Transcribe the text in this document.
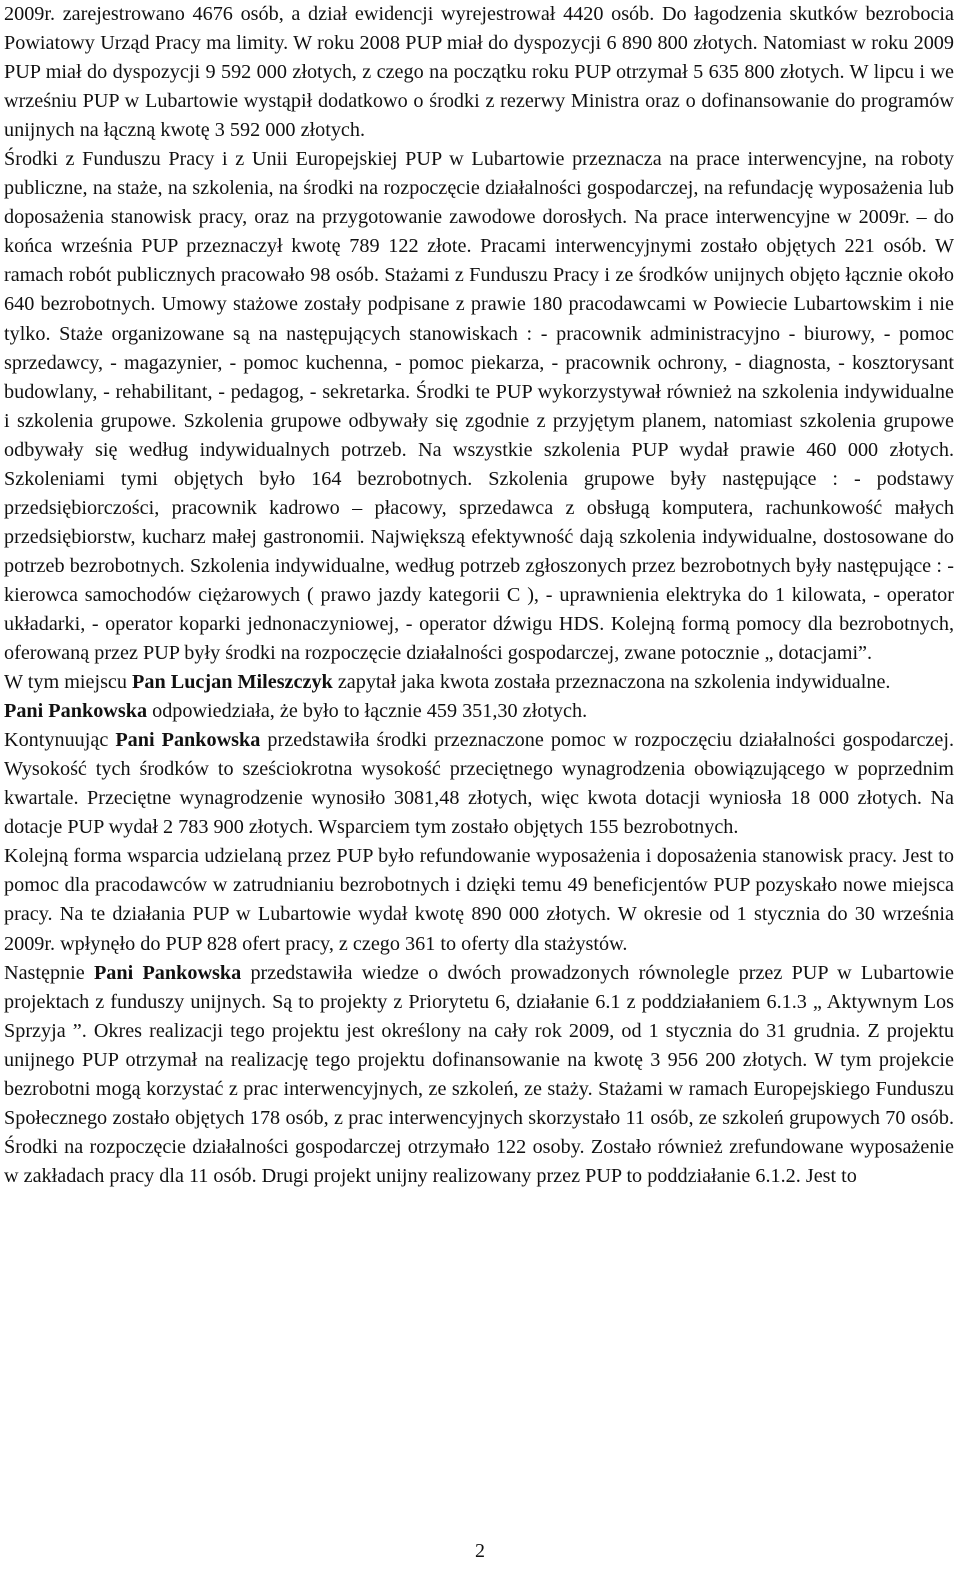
2009r. zarejestrowano 4676 osób, a dział ewidencji wyrejestrował 4420 osób. Do łagodzenia skutków bezrobocia Powiatowy Urząd Pracy ma limity. W roku 2008 PUP miał do dyspozycji 6 890 800 złotych. Natomiast w roku 2009 PUP miał do dyspozycji 9 592 000 złotych, z czego na początku roku PUP otrzymał 5 635 800 złotych. W lipcu i we wrześniu PUP w Lubartowie wystąpił dodatkowo o środki z rezerwy Ministra oraz o dofinansowanie do programów unijnych na łączną kwotę 3 592 000 złotych.

Środki z Funduszu Pracy i z Unii Europejskiej PUP w Lubartowie przeznacza na prace interwencyjne, na roboty publiczne, na staże, na szkolenia, na środki na rozpoczęcie działalności gospodarczej, na refundację wyposażenia lub doposażenia stanowisk pracy, oraz na przygotowanie zawodowe dorosłych. Na prace interwencyjne w 2009r. – do końca września PUP przeznaczył kwotę 789 122 złote. Pracami interwencyjnymi zostało objętych 221 osób. W ramach robót publicznych pracowało 98 osób. Stażami z Funduszu Pracy i ze środków unijnych objęto łącznie około 640 bezrobotnych. Umowy stażowe zostały podpisane z prawie 180 pracodawcami w Powiecie Lubartowskim i nie tylko. Staże organizowane są na następujących stanowiskach : - pracownik administracyjno - biurowy, - pomoc sprzedawcy, - magazynier, - pomoc kuchenna, - pomoc piekarza, - pracownik ochrony, - diagnosta, - kosztorysant budowlany, - rehabilitant, - pedagog, - sekretarka. Środki te PUP wykorzystywał również na szkolenia indywidualne i szkolenia grupowe. Szkolenia grupowe odbywały się zgodnie z przyjętym planem, natomiast szkolenia grupowe odbywały się według indywidualnych potrzeb. Na wszystkie szkolenia PUP wydał prawie 460 000 złotych. Szkoleniami tymi objętych było 164 bezrobotnych. Szkolenia grupowe były następujące : - podstawy przedsiębiorczości, pracownik kadrowo – płacowy, sprzedawca z obsługą komputera, rachunkowość małych przedsiębiorstw, kucharz małej gastronomii. Największą efektywność dają szkolenia indywidualne, dostosowane do potrzeb bezrobotnych. Szkolenia indywidualne, według potrzeb zgłoszonych przez bezrobotnych były następujące : - kierowca samochodów ciężarowych ( prawo jazdy kategorii C ), - uprawnienia elektryka do 1 kilowata, - operator układarki, - operator koparki jednonaczyniowej, - operator dźwigu HDS. Kolejną formą pomocy dla bezrobotnych, oferowaną przez PUP były środki na rozpoczęcie działalności gospodarczej, zwane potocznie „ dotacjami”.

W tym miejscu Pan Lucjan Mileszczyk zapytał jaka kwota została przeznaczona na szkolenia indywidualne.

Pani Pankowska odpowiedziała, że było to łącznie 459 351,30 złotych.

Kontynuując Pani Pankowska przedstawiła środki przeznaczone pomoc w rozpoczęciu działalności gospodarczej. Wysokość tych środków to sześciokrotna wysokość przeciętnego wynagrodzenia obowiązującego w poprzednim kwartale. Przeciętne wynagrodzenie wynosiło 3081,48 złotych, więc kwota dotacji wyniosła 18 000 złotych. Na dotacje PUP wydał 2 783 900 złotych. Wsparciem tym zostało objętych 155 bezrobotnych.

Kolejną forma wsparcia udzielaną przez PUP było refundowanie wyposażenia i doposażenia stanowisk pracy. Jest to pomoc dla pracodawców w zatrudnianiu bezrobotnych i dzięki temu 49 beneficjentów PUP pozyskało nowe miejsca pracy. Na te działania PUP w Lubartowie wydał kwotę 890 000 złotych. W okresie od 1 stycznia do 30 września 2009r. wpłynęło do PUP 828 ofert pracy, z czego 361 to oferty dla stażystów.

Następnie Pani Pankowska przedstawiła wiedze o dwóch prowadzonych równolegle przez PUP w Lubartowie projektach z funduszy unijnych. Są to projekty z Priorytetu 6, działanie 6.1 z poddziałaniem 6.1.3 „ Aktywnym Los Sprzyja ”. Okres realizacji tego projektu jest określony na cały rok 2009, od 1 stycznia do 31 grudnia. Z projektu unijnego PUP otrzymał na realizację tego projektu dofinansowanie na kwotę 3 956 200 złotych. W tym projekcie bezrobotni mogą korzystać z prac interwencyjnych, ze szkoleń, ze staży. Stażami w ramach Europejskiego Funduszu Społecznego zostało objętych 178 osób, z prac interwencyjnych skorzystało 11 osób, ze szkoleń grupowych 70 osób. Środki na rozpoczęcie działalności gospodarczej otrzymało 122 osoby. Zostało również zrefundowane wyposażenie w zakładach pracy dla 11 osób. Drugi projekt unijny realizowany przez PUP to poddziałanie 6.1.2. Jest to

2
